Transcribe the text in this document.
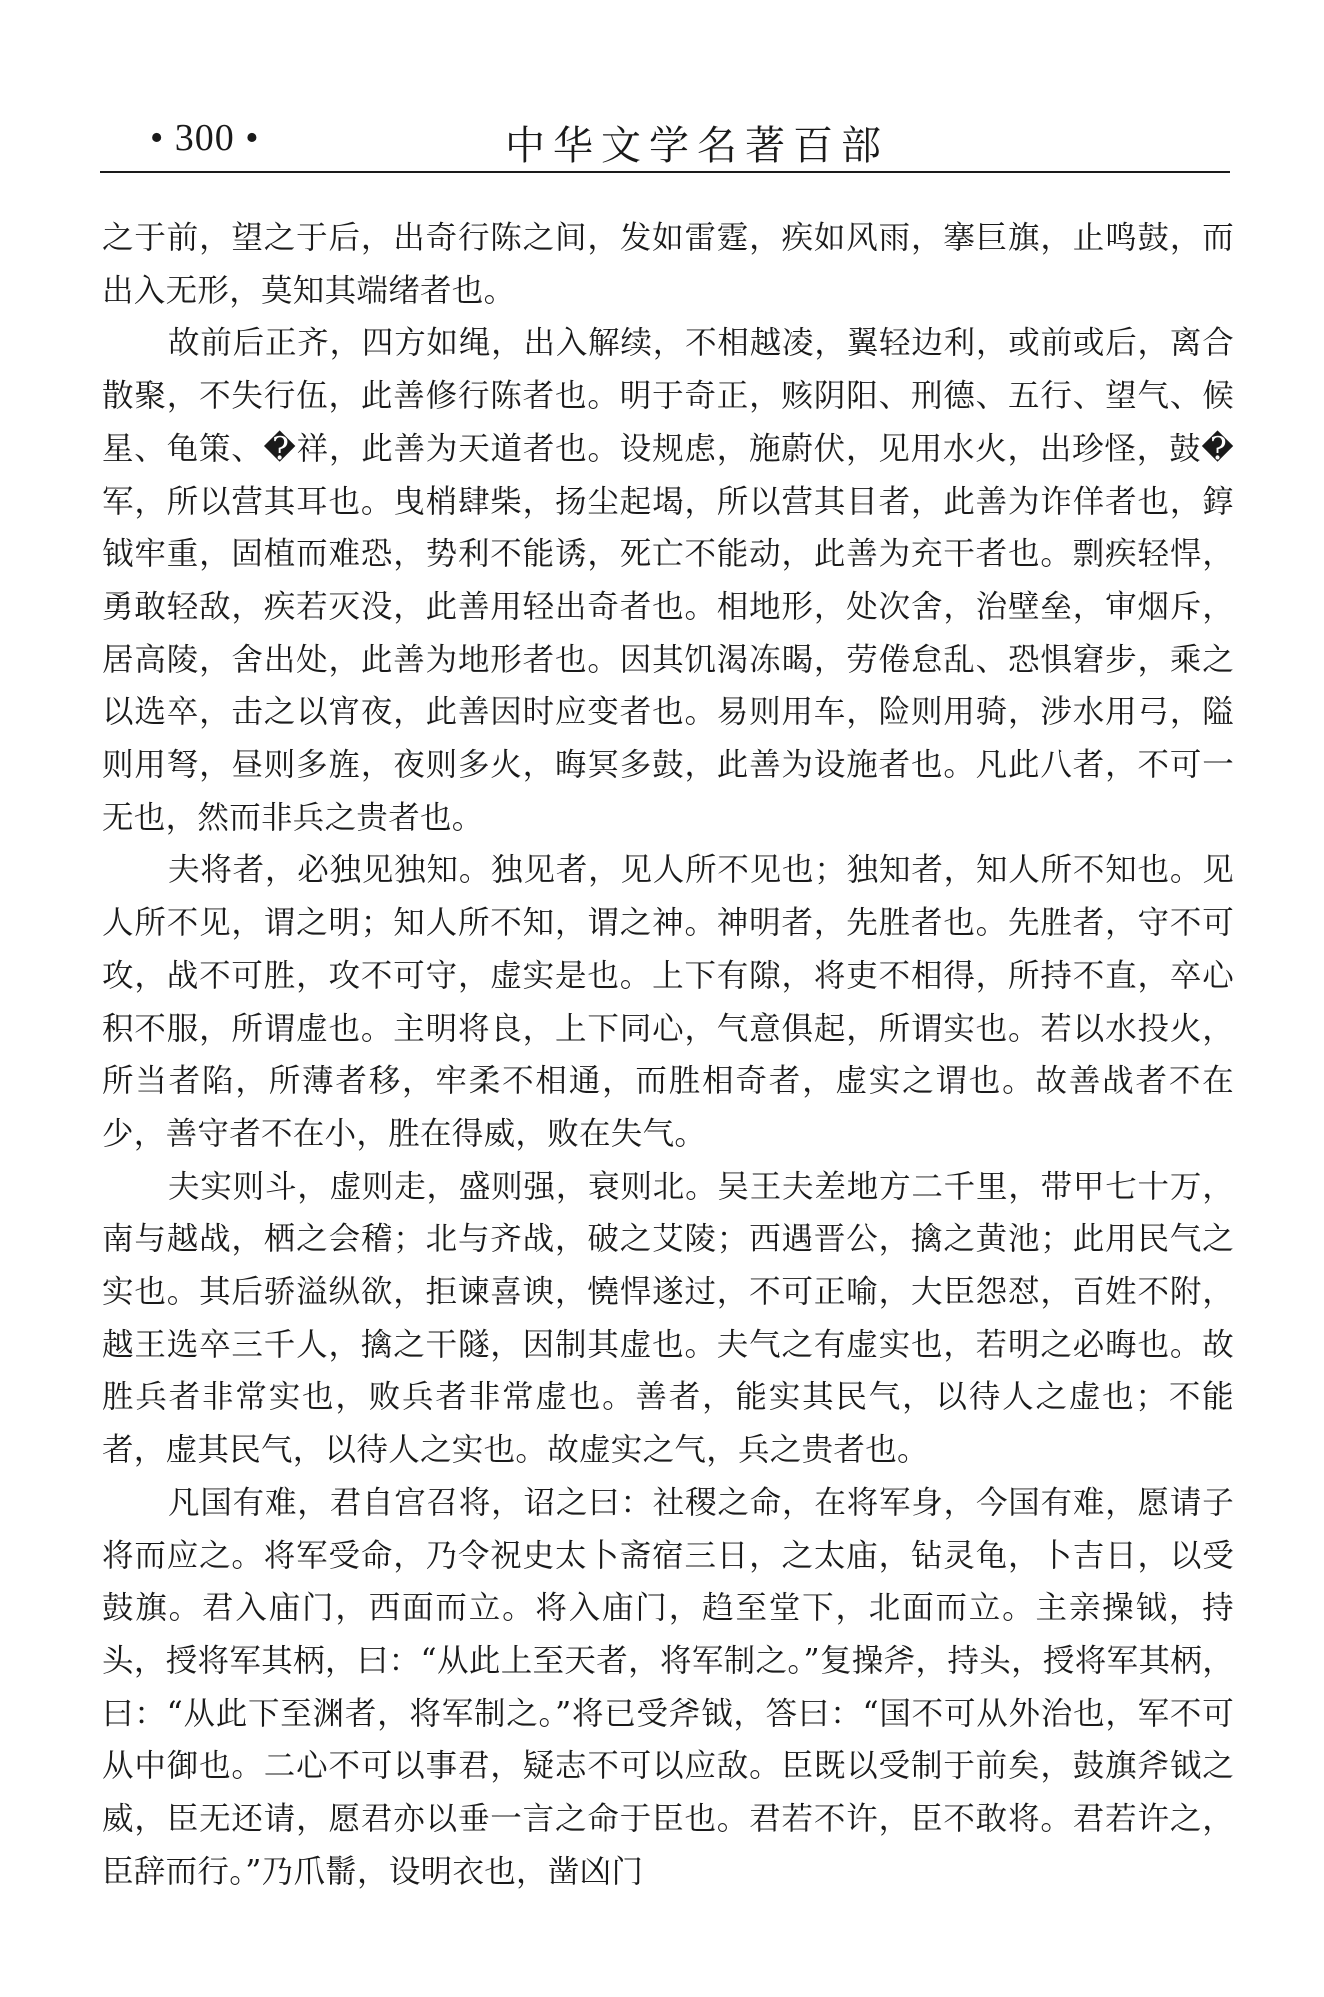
• 300 •	中华文学名著百部

之于前，望之于后，出奇行陈之间，发如雷霆，疾如风雨，搴巨旗，止鸣鼓，而出入无形，莫知其端绪者也。

故前后正齐，四方如绳，出入解续，不相越凌，翼轻边利，或前或后，离合散聚，不失行伍，此善修行陈者也。明于奇正，赅阴阳、刑德、五行、望气、候星、龟策、�祥，此善为天道者也。设规虑，施蔚伏，见用水火，出珍怪，鼓�军，所以营其耳也。曳梢肆柴，扬尘起堨，所以营其目者，此善为诈佯者也，錞钺牢重，固植而难恐，势利不能诱，死亡不能动，此善为充干者也。剽疾轻悍，勇敢轻敌，疾若灭没，此善用轻出奇者也。相地形，处次舍，治壁垒，审烟斥，居高陵，舍出处，此善为地形者也。因其饥渴冻暍，劳倦怠乱、恐惧窘步，乘之以选卒，击之以宵夜，此善因时应变者也。易则用车，险则用骑，涉水用弓，隘则用弩，昼则多旌，夜则多火，晦冥多鼓，此善为设施者也。凡此八者，不可一无也，然而非兵之贵者也。

夫将者，必独见独知。独见者，见人所不见也；独知者，知人所不知也。见人所不见，谓之明；知人所不知，谓之神。神明者，先胜者也。先胜者，守不可攻，战不可胜，攻不可守，虚实是也。上下有隙，将吏不相得，所持不直，卒心积不服，所谓虚也。主明将良，上下同心，气意俱起，所谓实也。若以水投火，所当者陷，所薄者移，牢柔不相通，而胜相奇者，虚实之谓也。故善战者不在少，善守者不在小，胜在得威，败在失气。

夫实则斗，虚则走，盛则强，衰则北。吴王夫差地方二千里，带甲七十万，南与越战，栖之会稽；北与齐战，破之艾陵；西遇晋公，擒之黄池；此用民气之实也。其后骄溢纵欲，拒谏喜谀，憢悍遂过，不可正喻，大臣怨怼，百姓不附，越王选卒三千人，擒之干隧，因制其虚也。夫气之有虚实也，若明之必晦也。故胜兵者非常实也，败兵者非常虚也。善者，能实其民气，以待人之虚也；不能者，虚其民气，以待人之实也。故虚实之气，兵之贵者也。

凡国有难，君自宫召将，诏之曰：社稷之命，在将军身，今国有难，愿请子将而应之。将军受命，乃令祝史太卜斋宿三日，之太庙，钻灵龟，卜吉日，以受鼓旗。君入庙门，西面而立。将入庙门，趋至堂下，北面而立。主亲操钺，持头，授将军其柄，曰：“从此上至天者，将军制之。”复操斧，持头，授将军其柄，曰：“从此下至渊者，将军制之。”将已受斧钺，答曰：“国不可从外治也，军不可从中御也。二心不可以事君，疑志不可以应敌。臣既以受制于前矣，鼓旗斧钺之威，臣无还请，愿君亦以垂一言之命于臣也。君若不许，臣不敢将。君若许之，臣辞而行。”乃爪鬋，设明衣也，凿凶门
